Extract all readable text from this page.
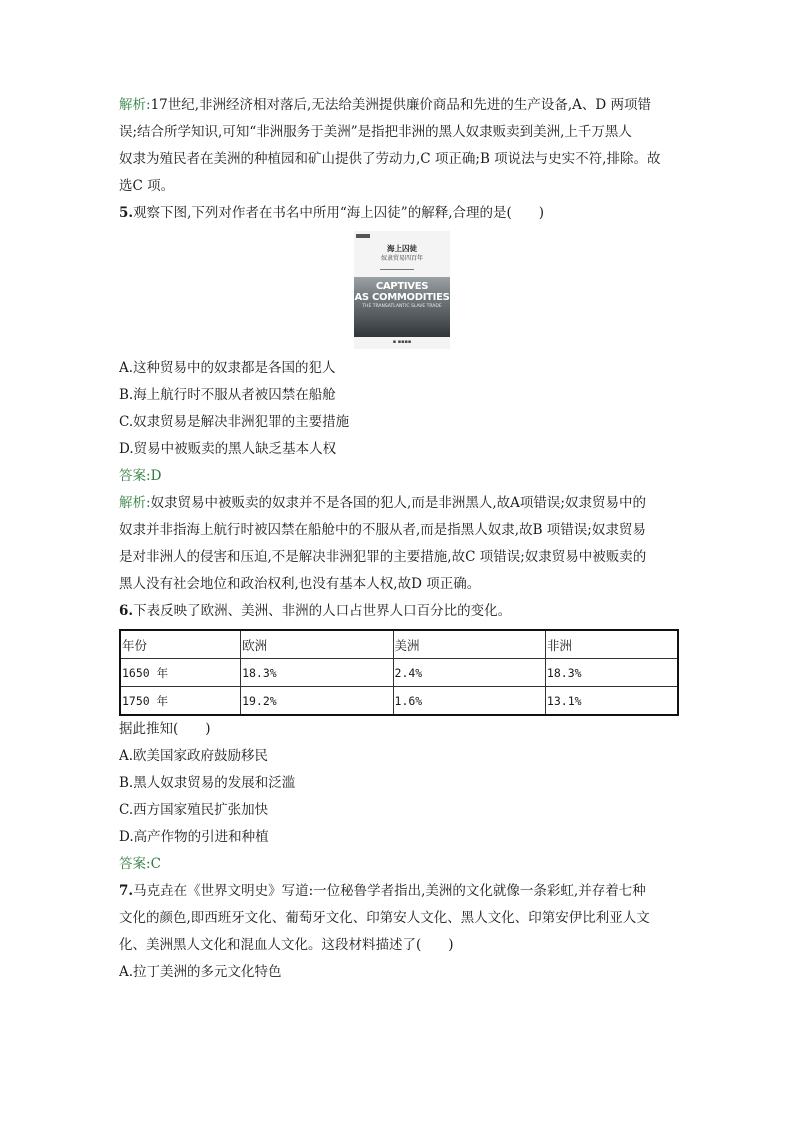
解析:17世纪,非洲经济相对落后,无法给美洲提供廉价商品和先进的生产设备,A、D 两项错
误;结合所学知识,可知“非洲服务于美洲”是指把非洲的黑人奴隶贩卖到美洲,上千万黑人
奴隶为殖民者在美洲的种植园和矿山提供了劳动力,C 项正确;B 项说法与史实不符,排除。故
选C 项。
5.观察下图,下列对作者在书名中所用“海上囚徒”的解释,合理的是(　　)
海上囚徒
奴隶贸易四百年
CAPTIVES
AS COMMODITIES
THE TRANSATLANTIC SLAVE TRADE
▪ ▪▪▪▪
A.这种贸易中的奴隶都是各国的犯人
B.海上航行时不服从者被囚禁在船舱
C.奴隶贸易是解决非洲犯罪的主要措施
D.贸易中被贩卖的黑人缺乏基本人权
答案:D
解析:奴隶贸易中被贩卖的奴隶并不是各国的犯人,而是非洲黑人,故A项错误;奴隶贸易中的
奴隶并非指海上航行时被囚禁在船舱中的不服从者,而是指黑人奴隶,故B 项错误;奴隶贸易
是对非洲人的侵害和压迫,不是解决非洲犯罪的主要措施,故C 项错误;奴隶贸易中被贩卖的
黑人没有社会地位和政治权利,也没有基本人权,故D 项正确。
6.下表反映了欧洲、美洲、非洲的人口占世界人口百分比的变化。
年份	欧洲	美洲	非洲
1650 年	18.3%	2.4%	18.3%
1750 年	19.2%	1.6%	13.1%
据此推知(　　)
A.欧美国家政府鼓励移民
B.黑人奴隶贸易的发展和泛滥
C.西方国家殖民扩张加快
D.高产作物的引进和种植
答案:C
7.马克垚在《世界文明史》写道:一位秘鲁学者指出,美洲的文化就像一条彩虹,并存着七种
文化的颜色,即西班牙文化、葡萄牙文化、印第安人文化、黑人文化、印第安伊比利亚人文
化、美洲黑人文化和混血人文化。这段材料描述了(　　)
A.拉丁美洲的多元文化特色
